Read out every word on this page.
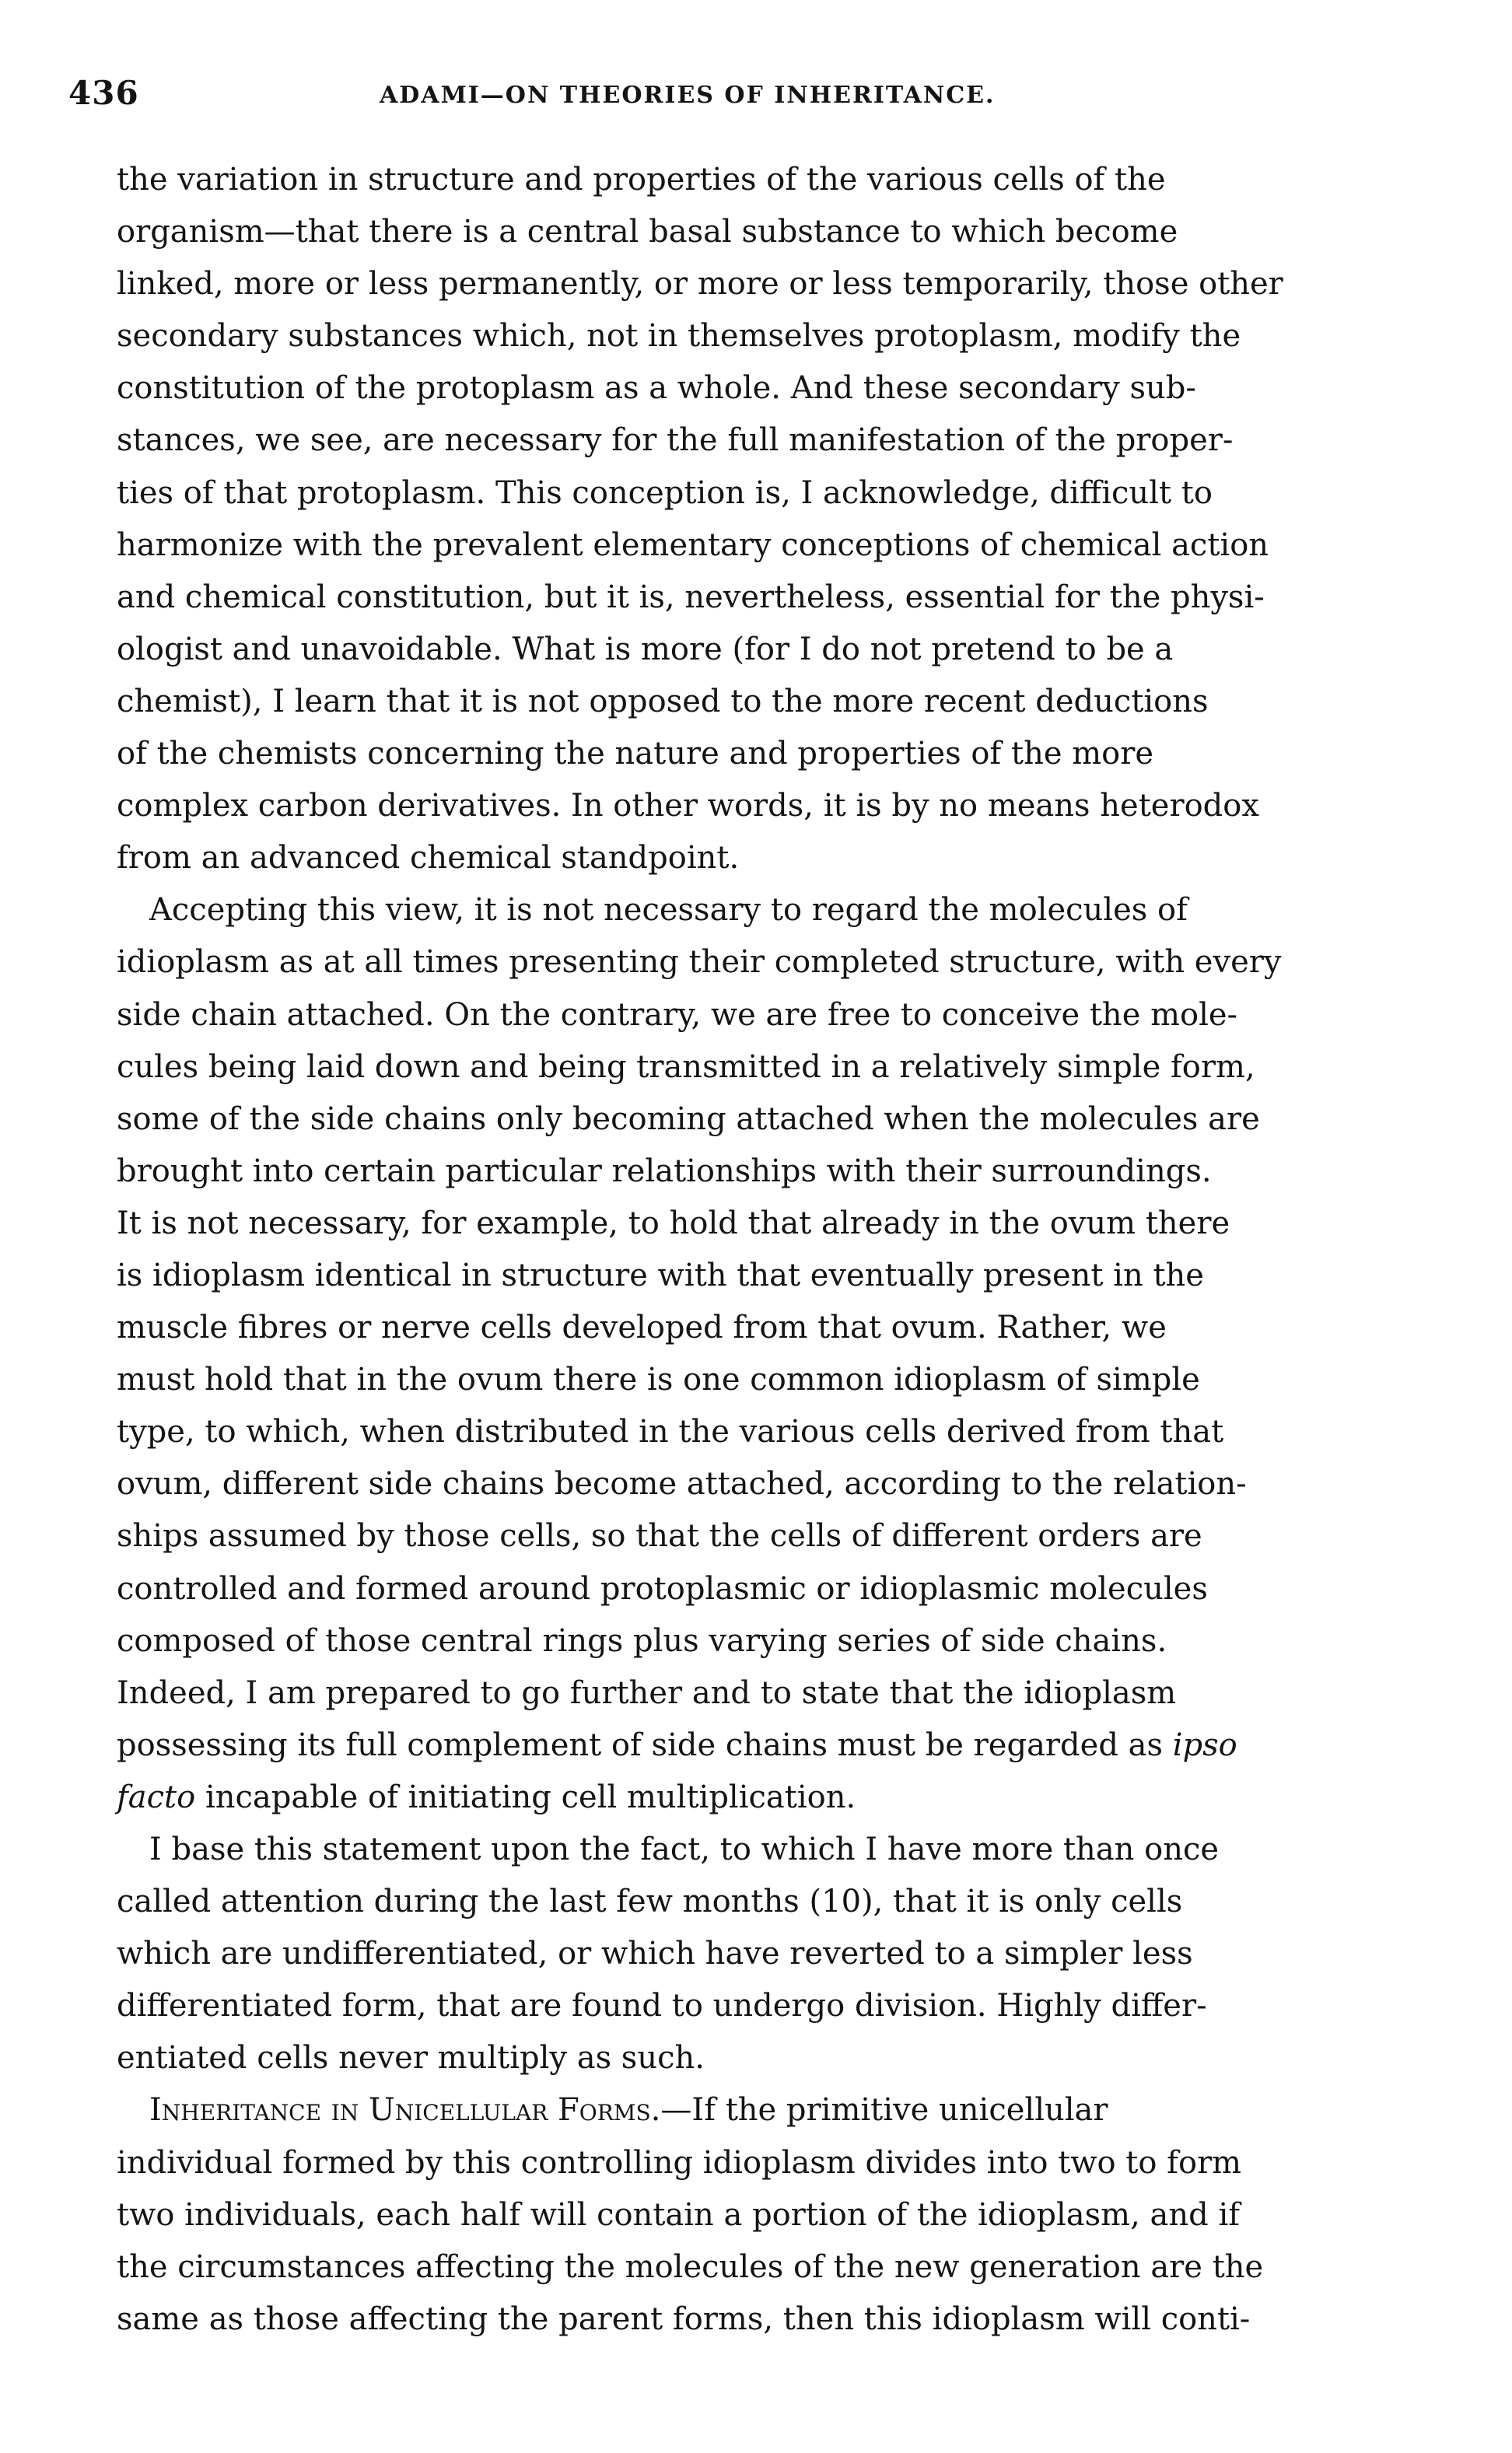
436	ADAMI—ON THEORIES OF INHERITANCE.
the variation in structure and properties of the various cells of the
organism—that there is a central basal substance to which become
linked, more or less permanently, or more or less temporarily, those other
secondary substances which, not in themselves protoplasm, modify the
constitution of the protoplasm as a whole. And these secondary sub-
stances, we see, are necessary for the full manifestation of the proper-
ties of that protoplasm. This conception is, I acknowledge, difficult to
harmonize with the prevalent elementary conceptions of chemical action
and chemical constitution, but it is, nevertheless, essential for the physi-
ologist and unavoidable. What is more (for I do not pretend to be a
chemist), I learn that it is not opposed to the more recent deductions
of the chemists concerning the nature and properties of the more
complex carbon derivatives. In other words, it is by no means heterodox
from an advanced chemical standpoint.
Accepting this view, it is not necessary to regard the molecules of
idioplasm as at all times presenting their completed structure, with every
side chain attached. On the contrary, we are free to conceive the mole-
cules being laid down and being transmitted in a relatively simple form,
some of the side chains only becoming attached when the molecules are
brought into certain particular relationships with their surroundings.
It is not necessary, for example, to hold that already in the ovum there
is idioplasm identical in structure with that eventually present in the
muscle fibres or nerve cells developed from that ovum. Rather, we
must hold that in the ovum there is one common idioplasm of simple
type, to which, when distributed in the various cells derived from that
ovum, different side chains become attached, according to the relation-
ships assumed by those cells, so that the cells of different orders are
controlled and formed around protoplasmic or idioplasmic molecules
composed of those central rings plus varying series of side chains.
Indeed, I am prepared to go further and to state that the idioplasm
possessing its full complement of side chains must be regarded as ipso
facto incapable of initiating cell multiplication.
I base this statement upon the fact, to which I have more than once
called attention during the last few months (10), that it is only cells
which are undifferentiated, or which have reverted to a simpler less
differentiated form, that are found to undergo division. Highly differ-
entiated cells never multiply as such.
Inheritance in Unicellular Forms.—If the primitive unicellular
individual formed by this controlling idioplasm divides into two to form
two individuals, each half will contain a portion of the idioplasm, and if
the circumstances affecting the molecules of the new generation are the
same as those affecting the parent forms, then this idioplasm will conti-
